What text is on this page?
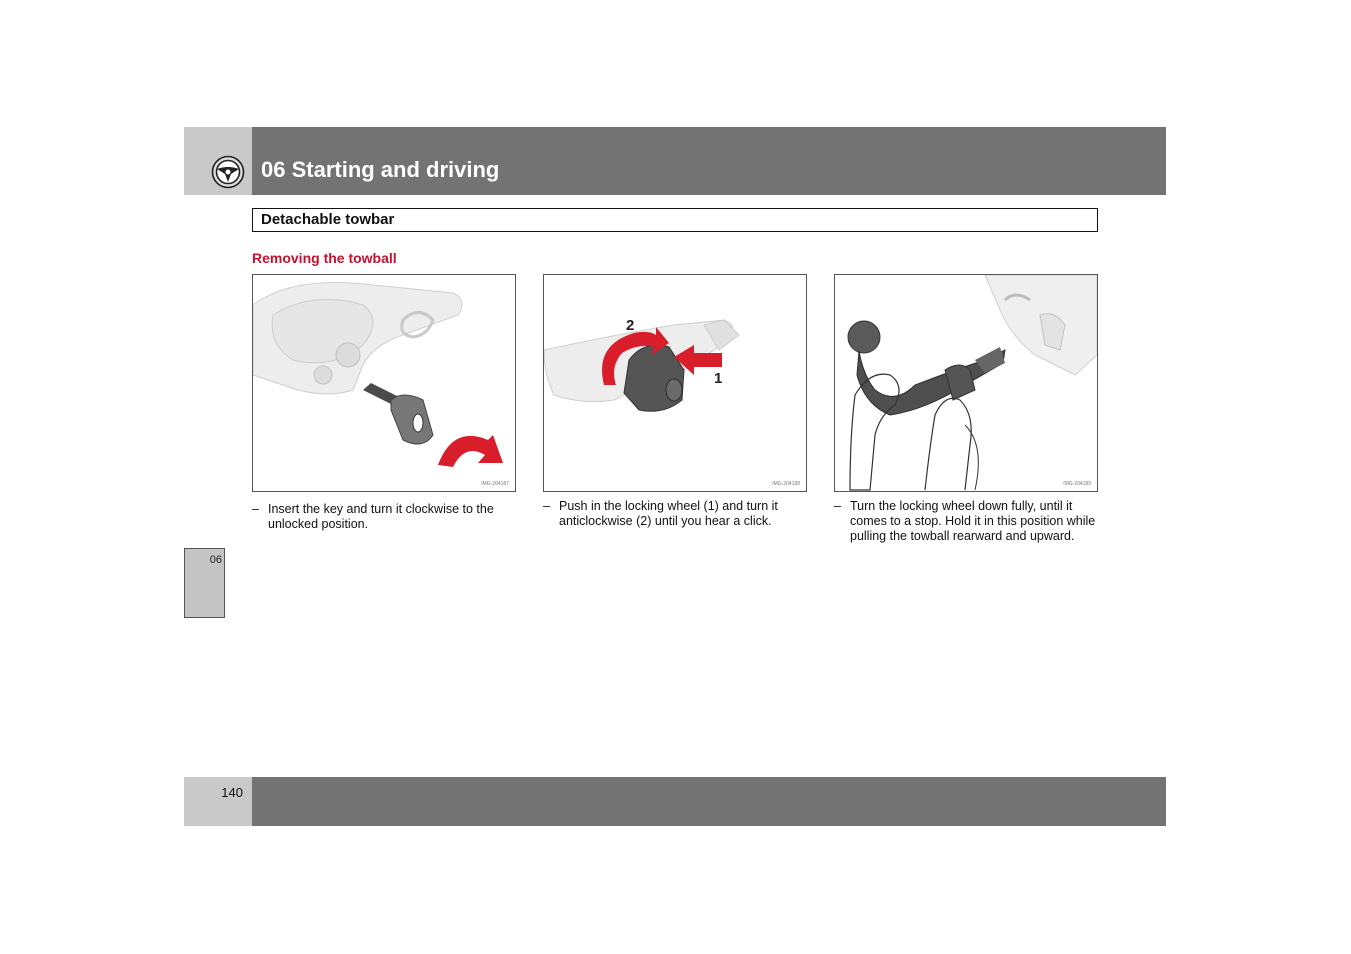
06 Starting and driving
Detachable towbar
Removing the towball
IMG-204187
2
1
IMG-204188	IMG-204189
– Insert the key and turn it clockwise to the unlocked position.
– Push in the locking wheel (1) and turn it anticlockwise (2) until you hear a click.
– Turn the locking wheel down fully, until it comes to a stop. Hold it in this position while pulling the towball rearward and upward.
06
140
